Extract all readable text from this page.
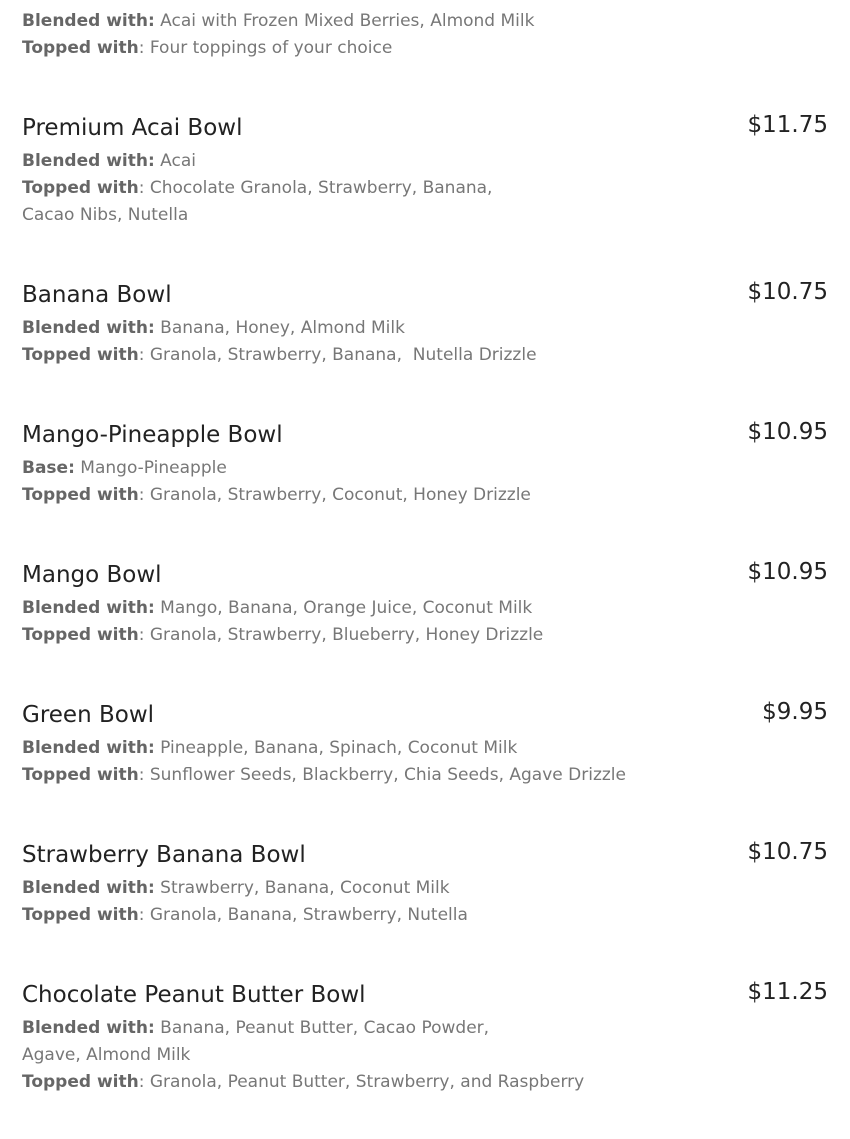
Blended with: Acai with Frozen Mixed Berries, Almond Milk
Topped with: Four toppings of your choice
Premium Acai Bowl	$11.75
Blended with: Acai
Topped with: Chocolate Granola, Strawberry, Banana, Cacao Nibs, Nutella
Banana Bowl	$10.75
Blended with: Banana, Honey, Almond Milk
Topped with: Granola, Strawberry, Banana,  Nutella Drizzle
Mango-Pineapple Bowl	$10.95
Base: Mango-Pineapple
Topped with: Granola, Strawberry, Coconut, Honey Drizzle
Mango Bowl	$10.95
Blended with: Mango, Banana, Orange Juice, Coconut Milk
Topped with: Granola, Strawberry, Blueberry, Honey Drizzle
Green Bowl	$9.95
Blended with: Pineapple, Banana, Spinach, Coconut Milk
Topped with: Sunflower Seeds, Blackberry, Chia Seeds, Agave Drizzle
Strawberry Banana Bowl	$10.75
Blended with: Strawberry, Banana, Coconut Milk
Topped with: Granola, Banana, Strawberry, Nutella
Chocolate Peanut Butter Bowl	$11.25
Blended with: Banana, Peanut Butter, Cacao Powder, Agave, Almond Milk
Topped with: Granola, Peanut Butter, Strawberry, and Raspberry
